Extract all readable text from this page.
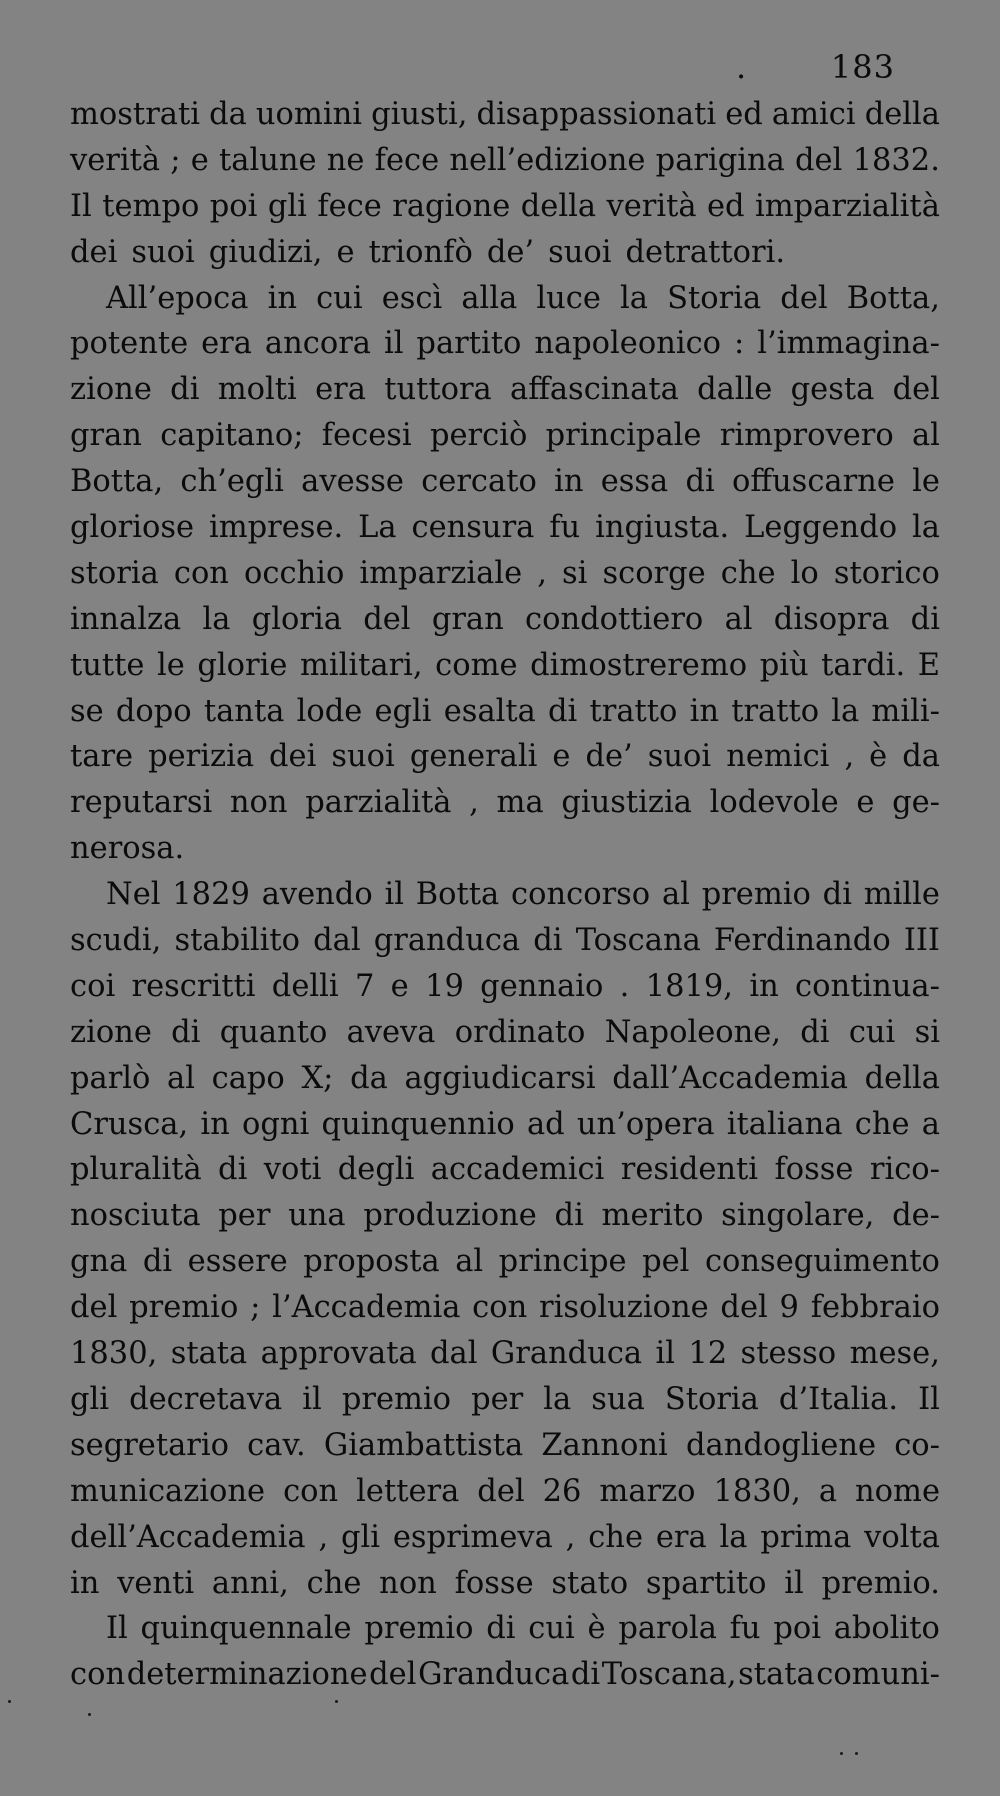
.	183
mostrati da uomini giusti, disappassionati ed amici della
verità ; e talune ne fece nell’edizione parigina del 1832.
Il tempo poi gli fece ragione della verità ed imparzialità
dei suoi giudizi, e trionfò de’ suoi detrattori.
All’epoca in cui escì alla luce la Storia del Botta,
potente era ancora il partito napoleonico : l’immagina-
zione di molti era tuttora affascinata dalle gesta del
gran capitano; fecesi perciò principale rimprovero al
Botta, ch’egli avesse cercato in essa di offuscarne le
gloriose imprese. La censura fu ingiusta. Leggendo la
storia con occhio imparziale , si scorge che lo storico
innalza la gloria del gran condottiero al disopra di
tutte le glorie militari, come dimostreremo più tardi. E
se dopo tanta lode egli esalta di tratto in tratto la mili-
tare perizia dei suoi generali e de’ suoi nemici , è da
reputarsi non parzialità , ma giustizia lodevole e ge-
nerosa.
Nel 1829 avendo il Botta concorso al premio di mille
scudi, stabilito dal granduca di Toscana Ferdinando III
coi rescritti delli 7 e 19 gennaio . 1819, in continua-
zione di quanto aveva ordinato Napoleone, di cui si
parlò al capo X; da aggiudicarsi dall’Accademia della
Crusca, in ogni quinquennio ad un’opera italiana che a
pluralità di voti degli accademici residenti fosse rico-
nosciuta per una produzione di merito singolare, de-
gna di essere proposta al principe pel conseguimento
del premio ; l’Accademia con risoluzione del 9 febbraio
1830, stata approvata dal Granduca il 12 stesso mese,
gli decretava il premio per la sua Storia d’Italia. Il
segretario cav. Giambattista Zannoni dandogliene co-
municazione con lettera del 26 marzo 1830, a nome
dell’Accademia , gli esprimeva , che era la prima volta
in venti anni, che non fosse stato spartito il premio.
Il quinquennale premio di cui è parola fu poi abolito
con determinazione del Granduca di Toscana, stata comuni-
